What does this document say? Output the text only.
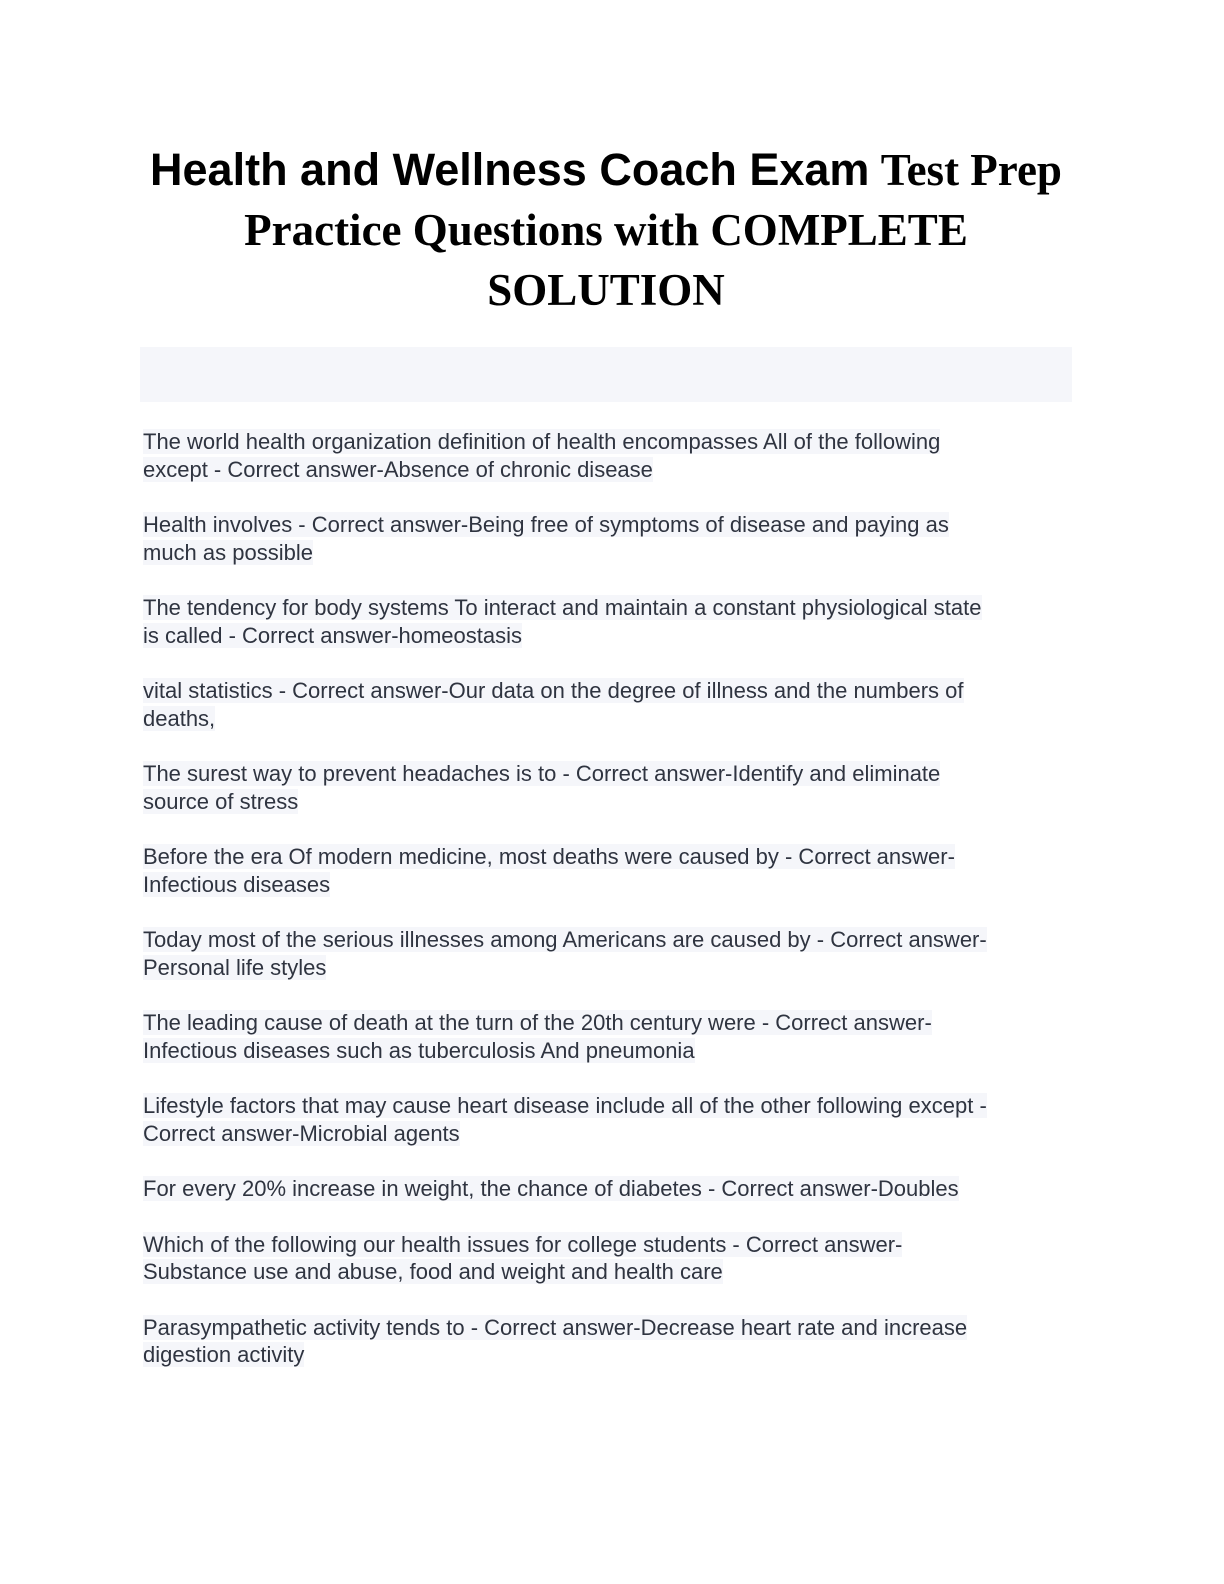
Health and Wellness Coach Exam Test Prep Practice Questions with COMPLETE SOLUTION

The world health organization definition of health encompasses All of the following
except - Correct answer-Absence of chronic disease

Health involves - Correct answer-Being free of symptoms of disease and paying as
much as possible

The tendency for body systems To interact and maintain a constant physiological state
is called - Correct answer-homeostasis

vital statistics - Correct answer-Our data on the degree of illness and the numbers of
deaths,

The surest way to prevent headaches is to - Correct answer-Identify and eliminate
source of stress

Before the era Of modern medicine, most deaths were caused by - Correct answer-
Infectious diseases

Today most of the serious illnesses among Americans are caused by - Correct answer-
Personal life styles

The leading cause of death at the turn of the 20th century were - Correct answer-
Infectious diseases such as tuberculosis And pneumonia

Lifestyle factors that may cause heart disease include all of the other following except -
Correct answer-Microbial agents

For every 20% increase in weight, the chance of diabetes - Correct answer-Doubles

Which of the following our health issues for college students - Correct answer-
Substance use and abuse, food and weight and health care

Parasympathetic activity tends to - Correct answer-Decrease heart rate and increase
digestion activity
